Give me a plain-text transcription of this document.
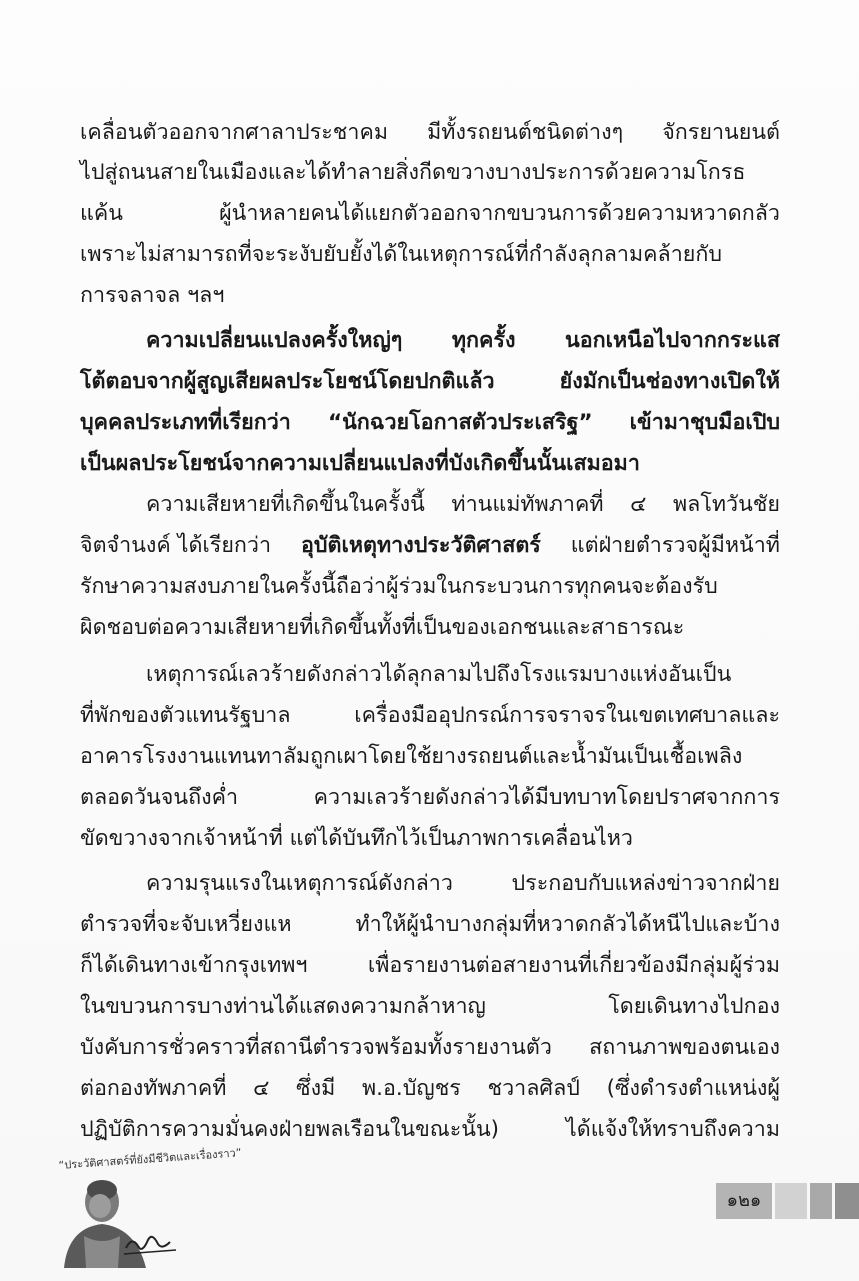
เคลื่อนตัวออกจากศาลาประชาคม มีทั้งรถยนต์ชนิดต่างๆ จักรยานยนต์
ไปสู่ถนนสายในเมืองและได้ทำลายสิ่งกีดขวางบางประการด้วยความโกรธ
แค้น ผู้นำหลายคนได้แยกตัวออกจากขบวนการด้วยความหวาดกลัว
เพราะไม่สามารถที่จะระงับยับยั้งได้ในเหตุการณ์ที่กำลังลุกลามคล้ายกับ
การจลาจล ฯลฯ
ความเปลี่ยนแปลงครั้งใหญ่ๆ ทุกครั้ง นอกเหนือไปจากกระแส
โต้ตอบจากผู้สูญเสียผลประโยชน์โดยปกติแล้ว ยังมักเป็นช่องทางเปิดให้
บุคคลประเภทที่เรียกว่า “นักฉวยโอกาสตัวประเสริฐ” เข้ามาชุบมือเปิบ
เป็นผลประโยชน์จากความเปลี่ยนแปลงที่บังเกิดขึ้นนั้นเสมอมา
ความเสียหายที่เกิดขึ้นในครั้งนี้ ท่านแม่ทัพภาคที่ ๔ พลโทวันชัย
จิตจำนงค์ ได้เรียกว่า อุบัติเหตุทางประวัติศาสตร์ แต่ฝ่ายตำรวจผู้มีหน้าที่
รักษาความสงบภายในครั้งนี้ถือว่าผู้ร่วมในกระบวนการทุกคนจะต้องรับ
ผิดชอบต่อความเสียหายที่เกิดขึ้นทั้งที่เป็นของเอกชนและสาธารณะ
เหตุการณ์เลวร้ายดังกล่าวได้ลุกลามไปถึงโรงแรมบางแห่งอันเป็น
ที่พักของตัวแทนรัฐบาล เครื่องมืออุปกรณ์การจราจรในเขตเทศบาลและ
อาคารโรงงานแทนทาลัมถูกเผาโดยใช้ยางรถยนต์และน้ำมันเป็นเชื้อเพลิง
ตลอดวันจนถึงค่ำ ความเลวร้ายดังกล่าวได้มีบทบาทโดยปราศจากการ
ขัดขวางจากเจ้าหน้าที่ แต่ได้บันทึกไว้เป็นภาพการเคลื่อนไหว
ความรุนแรงในเหตุการณ์ดังกล่าว ประกอบกับแหล่งข่าวจากฝ่าย
ตำรวจที่จะจับเหวี่ยงแห ทำให้ผู้นำบางกลุ่มที่หวาดกลัวได้หนีไปและบ้าง
ก็ได้เดินทางเข้ากรุงเทพฯ เพื่อรายงานต่อสายงานที่เกี่ยวข้องมีกลุ่มผู้ร่วม
ในขบวนการบางท่านได้แสดงความกล้าหาญ โดยเดินทางไปกอง
บังคับการชั่วคราวที่สถานีตำรวจพร้อมทั้งรายงานตัว สถานภาพของตนเอง
ต่อกองทัพภาคที่ ๔ ซึ่งมี พ.อ.บัญชร ชวาลศิลป์ (ซึ่งดำรงตำแหน่งผู้
ปฏิบัติการความมั่นคงฝ่ายพลเรือนในขณะนั้น) ได้แจ้งให้ทราบถึงความ
“ประวัติศาสตร์ที่ยังมีชีวิตและเรื่องราว”
๑๒๑
